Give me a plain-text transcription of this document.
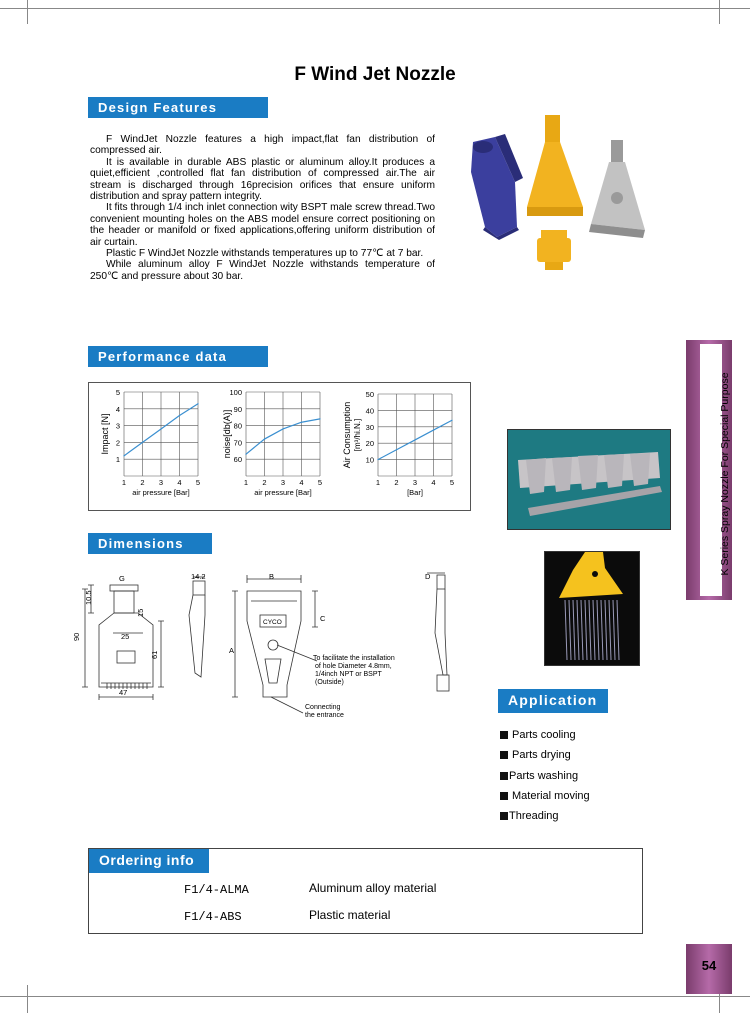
F Wind Jet Nozzle
Design Features

F WindJet Nozzle features a high impact,flat fan distribution of compressed air.

It is available in durable ABS plastic or aluminum alloy.It produces a quiet,efficient ,controlled flat fan distribution of compressed air.The air stream is discharged through 16precision orifices that ensure uniform distribution and spray pattern integrity.

It fits through 1/4 inch inlet connection wity BSPT male screw thread.Two convenient mounting holes on the ABS model ensure correct positioning on the header or manifold or fixed applications,offering uniform distribution of air curtain.

Plastic F WindJet Nozzle withstands temperatures up to 77℃ at 7 bar.

While aluminum alloy F WindJet Nozzle withstands temperature of 250℃ and pressure about 30 bar.

Performance data
1 2 3 4 5
1
2
3
4
5
air pressure [Bar]
Impact [N]
1 2 3 4 5
60
70
80
90
100
air pressure [Bar]
noise[db(A)]
1 2 3 4 5
10
20
30
40
50
[Bar]
Air Consumption [m³/hi.N.]	K Series Spray Nozzle For Special Purpose
Dimensions
G
10.5
15
25
90
61
47
14.2	B
C
A
D
CYCO
To facilitate the installation
of hole Diameter 4.8mm,
1/4inch NPT or BSPT
(Outside)
Connecting
the entrance
Application
Parts cooling
Parts drying
Parts washing
Material moving
Threading
Ordering info
F1/4-ALMA	Aluminum alloy material
F1/4-ABS	Plastic material
54
